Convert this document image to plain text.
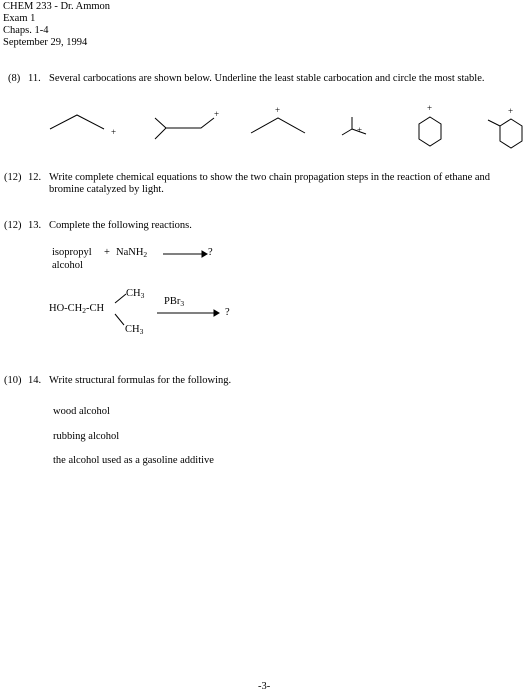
CHEM 233 - Dr. Ammon
Exam 1
Chaps. 1-4
September 29, 1994
(8) 11. Several carbocations are shown below. Underline the least stable carbocation and circle the most stable.
+
+	+
+
+	+
(12) 12. Write complete chemical equations to show the two chain propagation steps in the reaction of ethane and bromine catalyzed by light.
(12) 13. Complete the following reactions.
isopropyl
alcohol
+ NaNH$_2$	?
$CH_3$
$HO-CH_2-CH$
$CH_3$
PBr$_3$
?
(10) 14. Write structural formulas for the following.
wood alcohol
rubbing alcohol
the alcohol used as a gasoline additive
-3-
